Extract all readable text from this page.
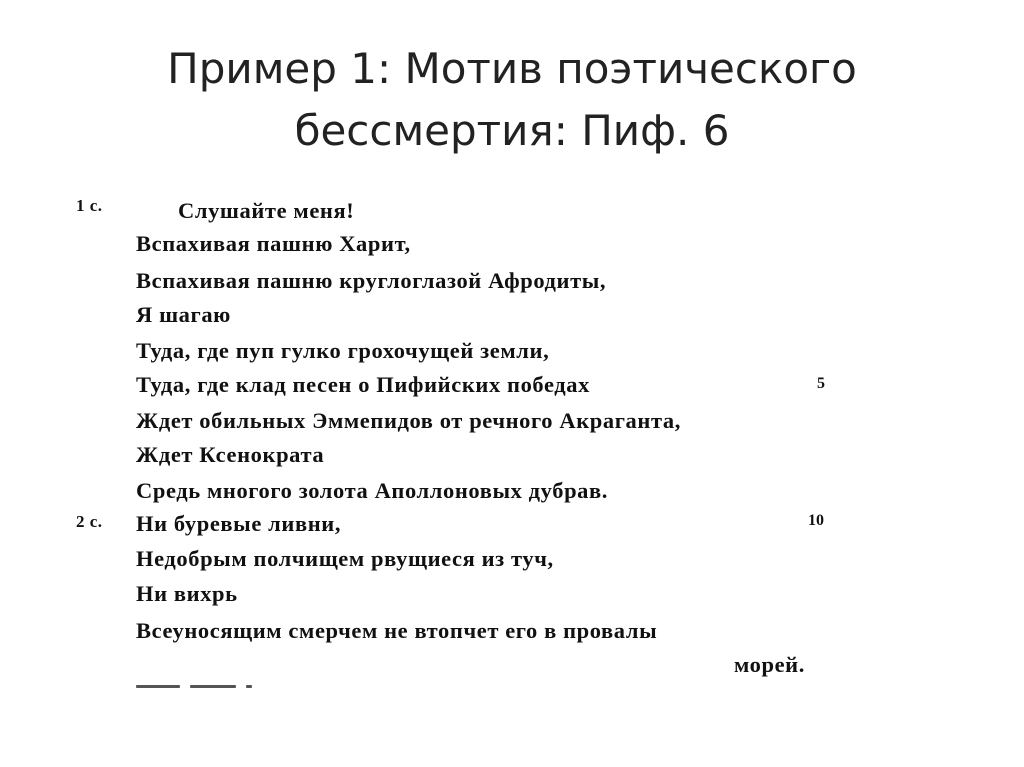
Пример 1: Мотив поэтического
бессмертия: Пиф. 6
1 с.
2 с.
5
10
Слушайте меня!
Вспахивая пашню Харит,
Вспахивая пашню круглоглазой Афродиты,
Я шагаю
Туда, где пуп гулко грохочущей земли,
Туда, где клад песен о Пифийских победах
Ждет обильных Эммепидов от речного Акраганта,
Ждет Ксенократа
Средь многого золота Аполлоновых дубрав.
Ни буревые ливни,
Недобрым полчищем рвущиеся из туч,
Ни вихрь
Всеуносящим смерчем не втопчет его в провалы
морей.
